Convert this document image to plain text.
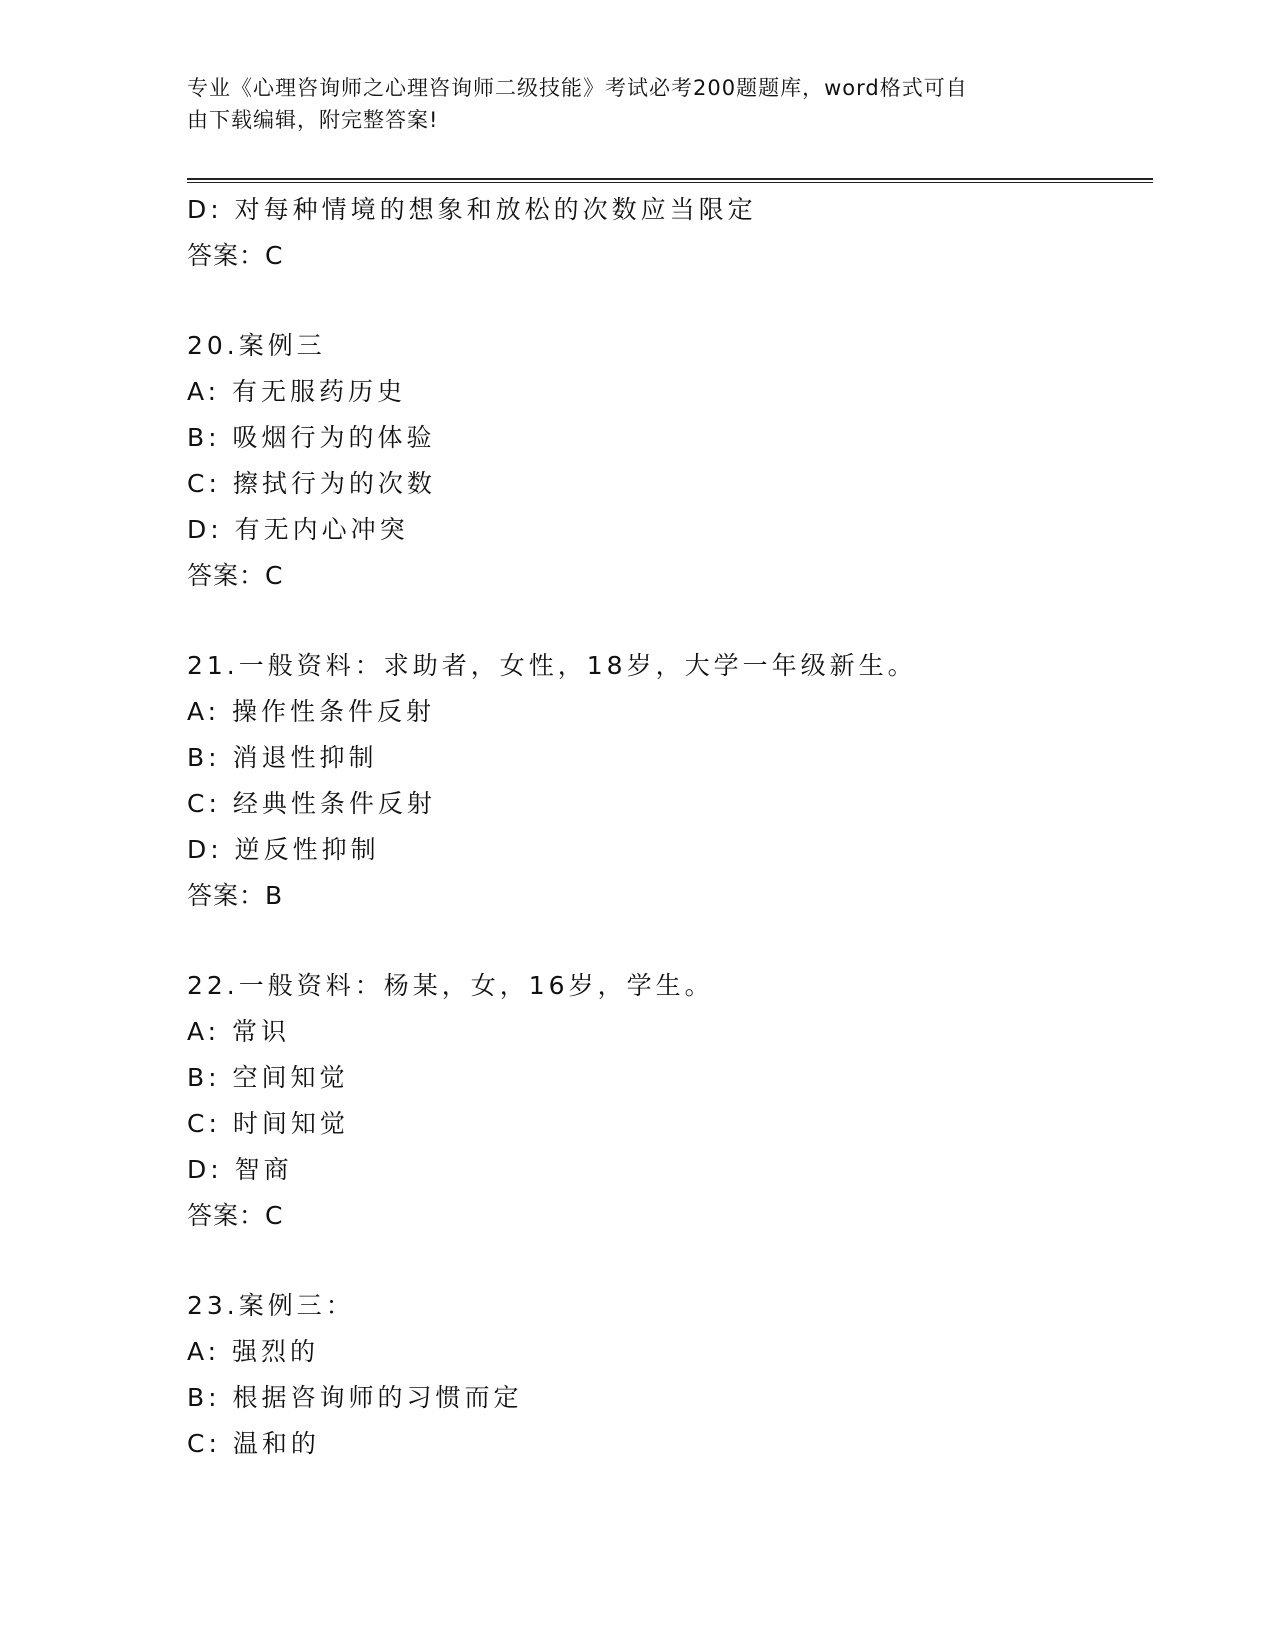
专业《心理咨询师之心理咨询师二级技能》考试必考200题题库，word格式可自
由下载编辑，附完整答案!
D: 对每种情境的想象和放松的次数应当限定
答案：C
20.案例三
A: 有无服药历史
B: 吸烟行为的体验
C: 擦拭行为的次数
D: 有无内心冲突
答案：C
21.一般资料：求助者，女性，18岁，大学一年级新生。
A: 操作性条件反射
B: 消退性抑制
C: 经典性条件反射
D: 逆反性抑制
答案：B
22.一般资料：杨某，女，16岁，学生。
A: 常识
B: 空间知觉
C: 时间知觉
D: 智商
答案：C
23.案例三：
A: 强烈的
B: 根据咨询师的习惯而定
C: 温和的
